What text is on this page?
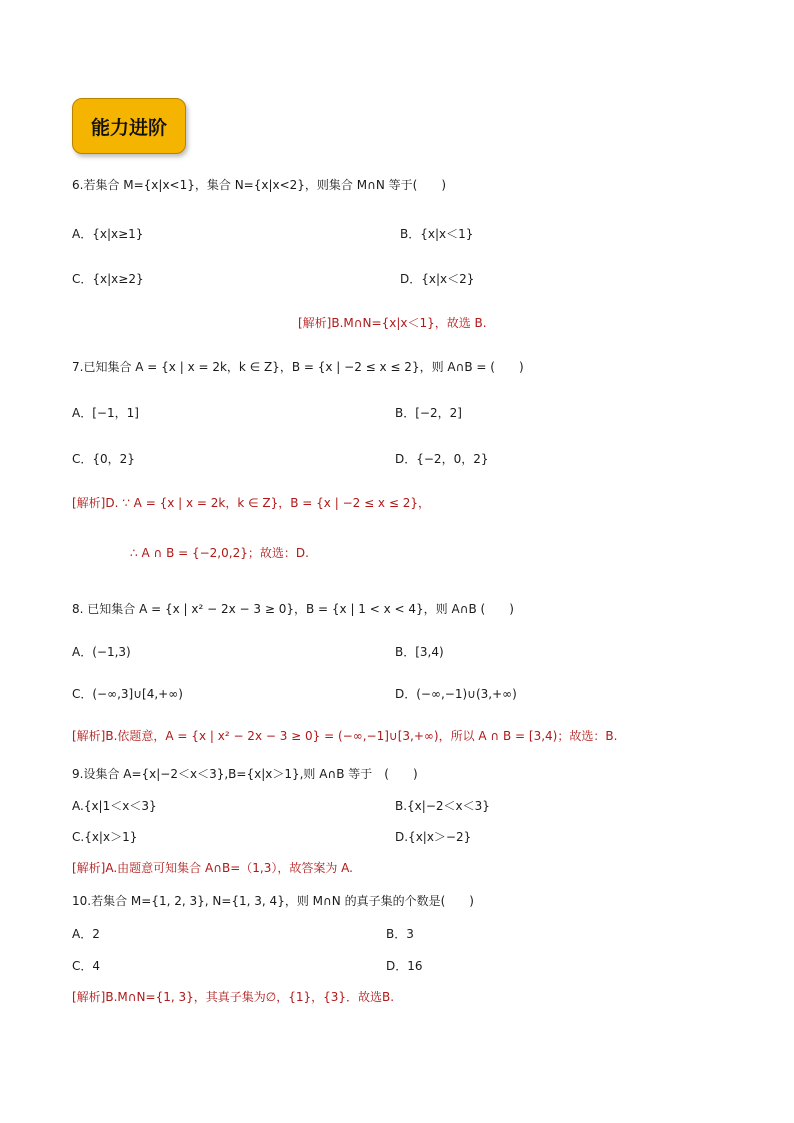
能力进阶
6.若集合 M={x|x<1}，集合 N={x|x<2}，则集合 M∩N 等于(　　)
A．{x|x≥1}	B．{x|x＜1}
C．{x|x≥2}	D．{x|x＜2}
[解析]B.M∩N={x|x＜1}，故选 B.
7.已知集合 A = {x | x = 2k，k ∈ Z}，B = {x | −2 ≤ x ≤ 2}，则 A∩B = (　　)
A．[−1，1]	B．[−2，2]
C．{0，2}	D．{−2，0，2}
[解析]D. ∵ A = {x | x = 2k，k ∈ Z}，B = {x | −2 ≤ x ≤ 2}，
∴ A ∩ B = {−2,0,2}；故选：D.
8. 已知集合 A = {x | x² − 2x − 3 ≥ 0}，B = {x | 1 < x < 4}，则 A∩B (　　)
A．(−1,3)	B．[3,4)
C．(−∞,3]∪[4,+∞)	D．(−∞,−1)∪(3,+∞)
[解析]B.依题意，A = {x | x² − 2x − 3 ≥ 0} = (−∞,−1]∪[3,+∞)，所以 A ∩ B = [3,4)；故选：B.
9.设集合 A={x|−2＜x＜3},B={x|x＞1},则 A∩B 等于　(　　)
A.{x|1＜x＜3}	B.{x|−2＜x＜3}
C.{x|x＞1}	D.{x|x＞−2}
[解析]A.由题意可知集合 A∩B=（1,3），故答案为 A.
10.若集合 M={1, 2, 3}, N={1, 3, 4}，则 M∩N 的真子集的个数是(　　)
A．2	B．3
C．4	D．16
[解析]B.M∩N={1, 3}，其真子集为∅，{1}，{3}．故选B.
